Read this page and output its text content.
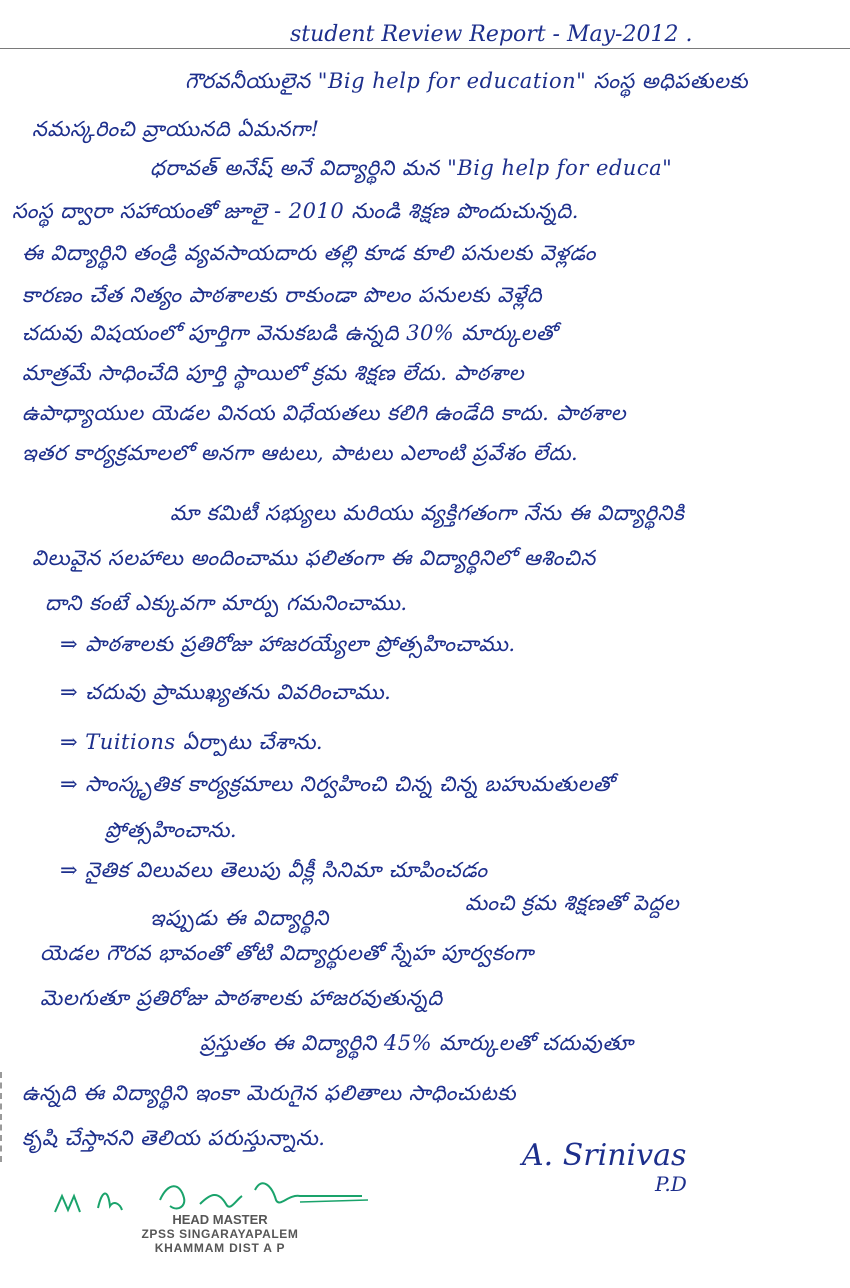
student Review Report - May-2012 .
గౌరవనీయులైన "Big help for education" సంస్థ అధిపతులకు
నమస్కరించి వ్రాయునది ఏమనగా!
ధరావత్ అనేష్ అనే విద్యార్థిని మన "Big help for educa"
సంస్థ ద్వారా సహాయంతో జూలై - 2010 నుండి శిక్షణ పొందుచున్నది.
ఈ విద్యార్థిని తండ్రి వ్యవసాయదారు తల్లి కూడ కూలి పనులకు వెళ్లడం
కారణం చేత నిత్యం పాఠశాలకు రాకుండా పొలం పనులకు వెళ్లేది
చదువు విషయంలో పూర్తిగా వెనుకబడి ఉన్నది 30% మార్కులతో
మాత్రమే సాధించేది పూర్తి స్థాయిలో క్రమ శిక్షణ లేదు. పాఠశాల
ఉపాధ్యాయుల యెడల వినయ విధేయతలు కలిగి ఉండేది కాదు. పాఠశాల
ఇతర కార్యక్రమాలలో అనగా ఆటలు, పాటలు ఎలాంటి ప్రవేశం లేదు.
మా కమిటీ సభ్యులు మరియు వ్యక్తిగతంగా నేను ఈ విద్యార్థినికి
విలువైన సలహాలు అందించాము ఫలితంగా ఈ విద్యార్థినిలో ఆశించిన
దాని కంటే ఎక్కువగా మార్పు గమనించాము.
⇒ పాఠశాలకు ప్రతిరోజు హాజరయ్యేలా ప్రోత్సహించాము.
⇒ చదువు ప్రాముఖ్యతను వివరించాము.
⇒ Tuitions ఏర్పాటు చేశాను.
⇒ సాంస్కృతిక కార్యక్రమాలు నిర్వహించి చిన్న చిన్న బహుమతులతో
ప్రోత్సహించాను.
⇒ నైతిక విలువలు తెలుపు వీక్లీ సినిమా చూపించడం
మంచి క్రమ శిక్షణతో పెద్దల
ఇప్పుడు ఈ విద్యార్థిని
యెడల గౌరవ భావంతో తోటి విద్యార్థులతో స్నేహ పూర్వకంగా
మెలగుతూ ప్రతిరోజు పాఠశాలకు హాజరవుతున్నది
ప్రస్తుతం ఈ విద్యార్థిని 45% మార్కులతో చదువుతూ
ఉన్నది ఈ విద్యార్థిని ఇంకా మెరుగైన ఫలితాలు సాధించుటకు
కృషి చేస్తానని తెలియ పరుస్తున్నాను.	A. Srinivas
P.D
HEAD MASTER
ZPSS SINGARAYAPALEM
KHAMMAM DIST A P
